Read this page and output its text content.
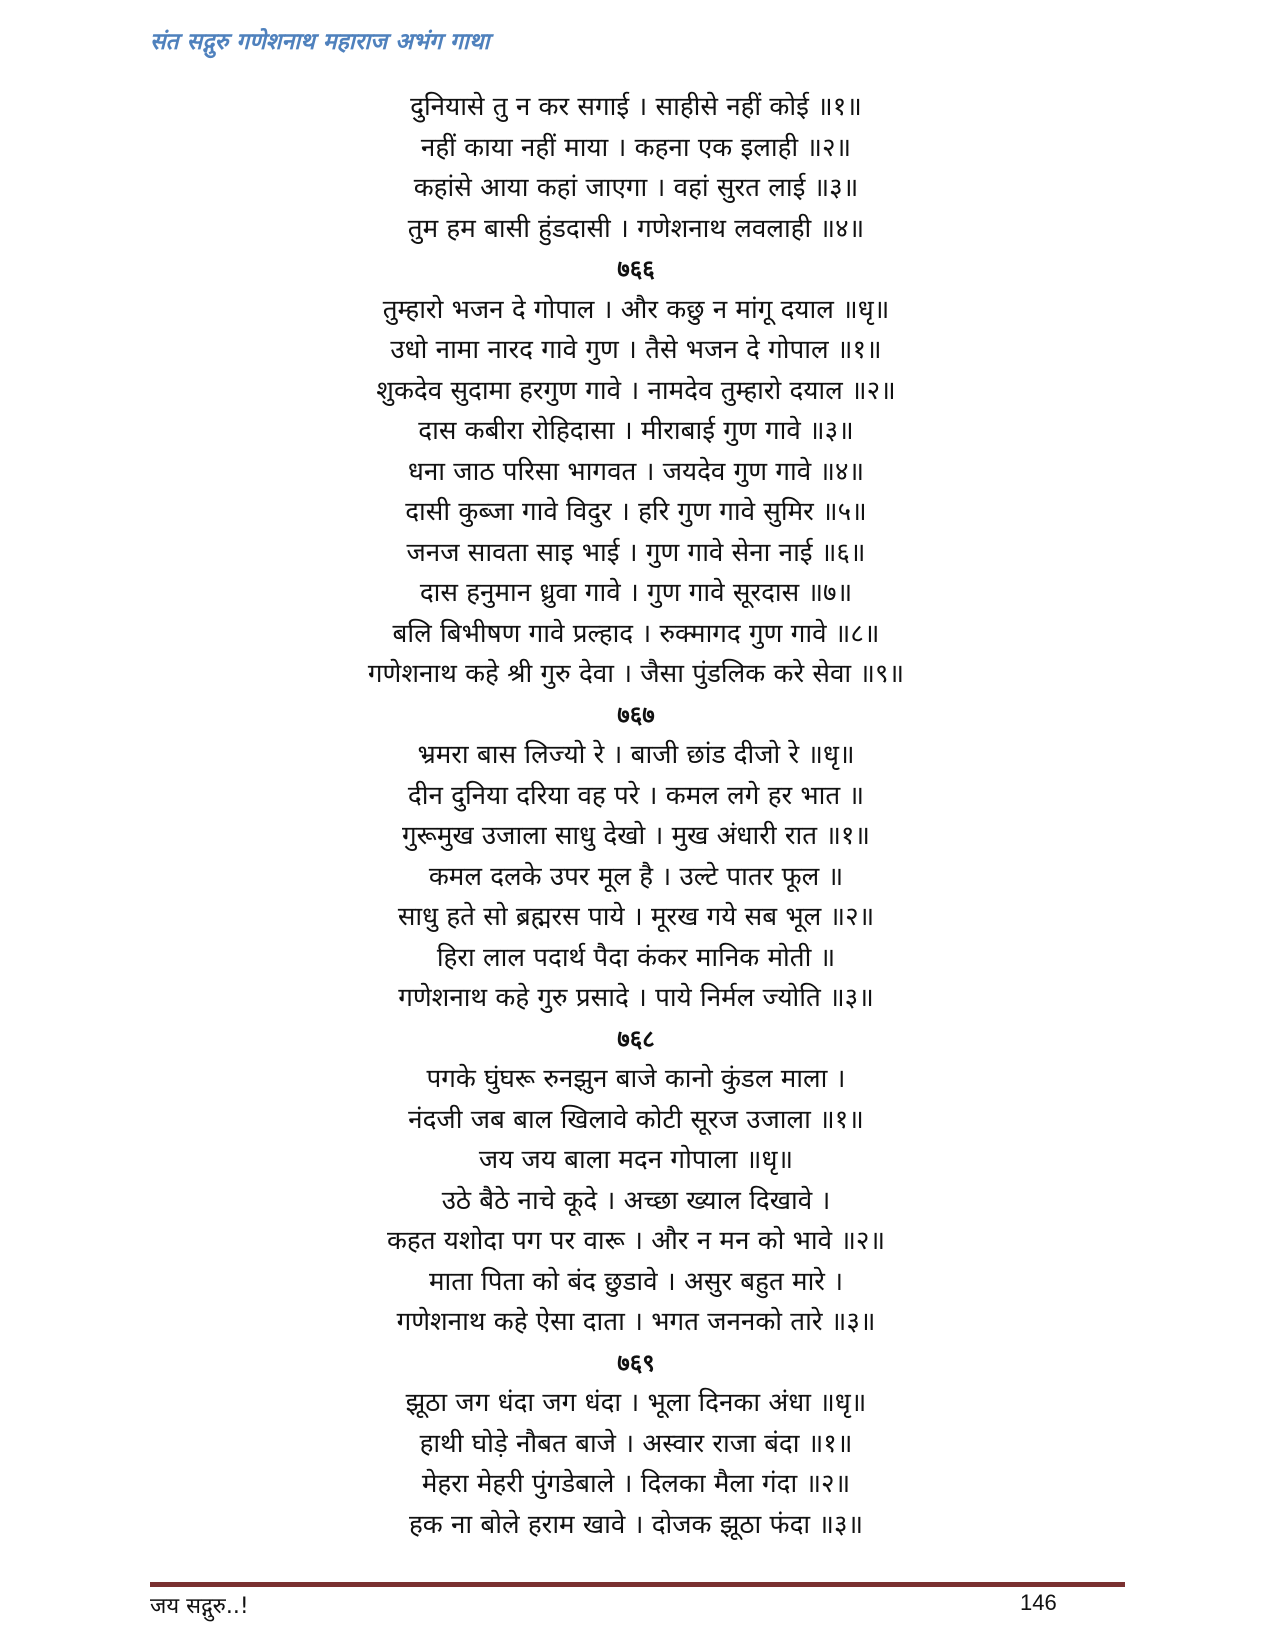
संत सद्गुरु गणेशनाथ महाराज अभंग गाथा
दुनियासे तु न कर सगाई । साहीसे नहीं कोई ॥१॥
नहीं काया नहीं माया । कहना एक इलाही ॥२॥
कहांसे आया कहां जाएगा । वहां सुरत लाई ॥३॥
तुम हम बासी हुंडदासी । गणेशनाथ लवलाही ॥४॥
७६६
तुम्हारो भजन दे गोपाल । और कछु न मांगू दयाल ॥धृ॥
उधो नामा नारद गावे गुण । तैसे भजन दे गोपाल ॥१॥
शुकदेव सुदामा हरगुण गावे । नामदेव तुम्हारो दयाल ॥२॥
दास कबीरा रोहिदासा । मीराबाई गुण गावे ॥३॥
धना जाठ परिसा भागवत । जयदेव गुण गावे ॥४॥
दासी कुब्जा गावे विदुर । हरि गुण गावे सुमिर ॥५॥
जनज सावता साइ भाई । गुण गावे सेना नाई ॥६॥
दास हनुमान ध्रुवा गावे । गुण गावे सूरदास ॥७॥
बलि बिभीषण गावे प्रल्हाद । रुक्मागद गुण गावे ॥८॥
गणेशनाथ कहे श्री गुरु देवा । जैसा पुंडलिक करे सेवा ॥९॥
७६७
भ्रमरा बास लिज्यो रे । बाजी छांड दीजो रे ॥धृ॥
दीन दुनिया दरिया वह परे । कमल लगे हर भात ॥
गुरूमुख उजाला साधु देखो । मुख अंधारी रात ॥१॥
कमल दलके उपर मूल है । उल्टे पातर फूल ॥
साधु हते सो ब्रह्मरस पाये । मूरख गये सब भूल ॥२॥
हिरा लाल पदार्थ पैदा कंकर मानिक मोती ॥
गणेशनाथ कहे गुरु प्रसादे । पाये निर्मल ज्योति ॥३॥
७६८
पगके घुंघरू रुनझुन बाजे कानो कुंडल माला ।
नंदजी जब बाल खिलावे कोटी सूरज उजाला ॥१॥
जय जय बाला मदन गोपाला ॥धृ॥
उठे बैठे नाचे कूदे । अच्छा ख्याल दिखावे ।
कहत यशोदा पग पर वारू । और न मन को भावे ॥२॥
माता पिता को बंद छुडावे । असुर बहुत मारे ।
गणेशनाथ कहे ऐसा दाता । भगत जननको तारे ॥३॥
७६९
झूठा जग धंदा जग धंदा । भूला दिनका अंधा ॥धृ॥
हाथी घोड़े नौबत बाजे । अस्वार राजा बंदा ॥१॥
मेहरा मेहरी पुंगडेबाले । दिलका मैला गंदा ॥२॥
हक ना बोले हराम खावे । दोजक झूठा फंदा ॥३॥
जय सद्गुरु..!	146
